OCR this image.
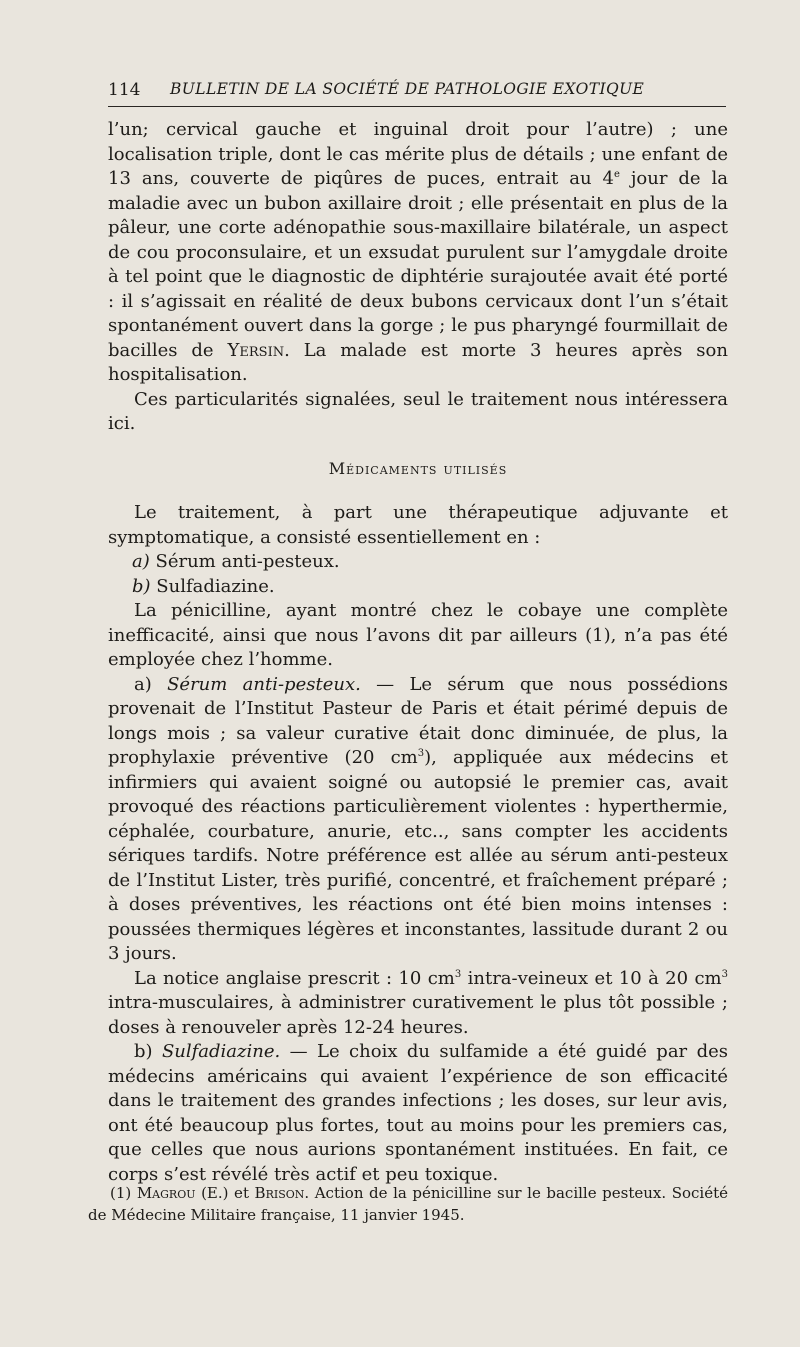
114 BULLETIN DE LA SOCIÉTÉ DE PATHOLOGIE EXOTIQUE

l’un; cervical gauche et inguinal droit pour l’autre) ; une localisation triple, dont le cas mérite plus de détails ; une enfant de 13 ans, couverte de piqûres de puces, entrait au 4e jour de la maladie avec un bubon axillaire droit ; elle présentait en plus de la pâleur, une corte adénopathie sous-maxillaire bilatérale, un aspect de cou proconsulaire, et un exsudat purulent sur l’amygdale droite à tel point que le diagnostic de diphtérie surajoutée avait été porté : il s’agissait en réalité de deux bubons cervicaux dont l’un s’était spontanément ouvert dans la gorge ; le pus pharyngé fourmillait de bacilles de Yersin. La malade est morte 3 heures après son hospitalisation.

Ces particularités signalées, seul le traitement nous intéressera ici.

Médicaments utilisés

Le traitement, à part une thérapeutique adjuvante et symptomatique, a consisté essentiellement en :

a) Sérum anti-pesteux.

b) Sulfadiazine.

La pénicilline, ayant montré chez le cobaye une complète inefficacité, ainsi que nous l’avons dit par ailleurs (1), n’a pas été employée chez l’homme.

a) Sérum anti-pesteux. — Le sérum que nous possédions provenait de l’Institut Pasteur de Paris et était périmé depuis de longs mois ; sa valeur curative était donc diminuée, de plus, la prophylaxie préventive (20 $cm^3$), appliquée aux médecins et infirmiers qui avaient soigné ou autopsié le premier cas, avait provoqué des réactions particulièrement violentes : hyperthermie, céphalée, courbature, anurie, etc.., sans compter les accidents sériques tardifs. Notre préférence est allée au sérum anti-pesteux de l’Institut Lister, très purifié, concentré, et fraîchement préparé ; à doses préventives, les réactions ont été bien moins intenses : poussées thermiques légères et inconstantes, lassitude durant 2 ou 3 jours.

La notice anglaise prescrit : 10 $cm^3$ intra-veineux et 10 à 20 $cm^3$ intra-musculaires, à administrer curativement le plus tôt possible ; doses à renouveler après 12-24 heures.

b) Sulfadiazine. — Le choix du sulfamide a été guidé par des médecins américains qui avaient l’expérience de son efficacité dans le traitement des grandes infections ; les doses, sur leur avis, ont été beaucoup plus fortes, tout au moins pour les premiers cas, que celles que nous aurions spontanément instituées. En fait, ce corps s’est révélé très actif et peu toxique.

(1) Magrou (E.) et Brison. Action de la pénicilline sur le bacille pesteux. Société de Médecine Militaire française, 11 janvier 1945.
